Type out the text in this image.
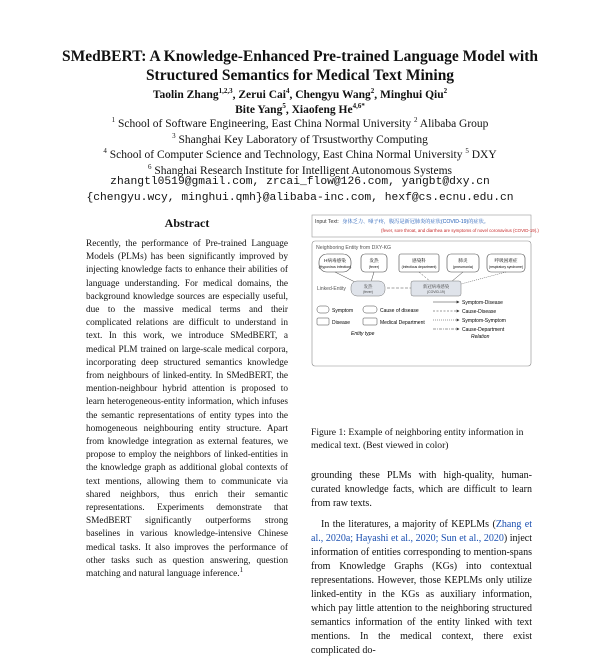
SMedBERT: A Knowledge-Enhanced Pre-trained Language Model with
Structured Semantics for Medical Text Mining
Taolin Zhang$^{1,2,3}$, Zerui Cai$^4$, Chengyu Wang$^2$, Minghui Qiu$^2$
Bite Yang$^5$, Xiaofeng $He^{4,6*}$
$^1$ School of Software Engineering, East China Normal University $^2$ Alibaba Group
$^3$ Shanghai Key Laboratory of Trsustworthy Computing
$^4$ School of Computer Science and Technology, East China Normal University $^5$ DXY
$^6$ Shanghai Research Institute for Intelligent Autonomous Systems
zhangtl0519@gmail.com, zrcai_flow@126.com, yangbt@dxy.cn
{chengyu.wcy, minghui.qmh}@alibaba-inc.com, hexf@cs.ecnu.edu.cn
Abstract
Recently, the performance of Pre-trained Language Models (PLMs) has been significantly improved by injecting knowledge facts to enhance their abilities of language understanding. For medical domains, the background knowledge sources are especially useful, due to the massive medical terms and their complicated relations are difficult to understand in text. In this work, we introduce SMedBERT, a medical PLM trained on large-scale medical corpora, incorporating deep structured semantics knowledge from neighbours of linked-entity. In SMedBERT, the mention-neighbour hybrid attention is proposed to learn heterogeneous-entity information, which infuses the semantic representations of entity types into the homogeneous neighbouring entity structure. Apart from knowledge integration as external features, we propose to employ the neighbors of linked-entities in the knowledge graph as additional global contexts of text mentions, allowing them to communicate via shared neighbors, thus enrich their semantic representations. Experiments demonstrate that SMedBERT significantly outperforms strong baselines in various knowledge-intensive Chinese medical tasks. It also improves the performance of other tasks such as question answering, question matching and natural language inference.$^1$
Input Text: 身体乏力、嗓子疼，腹泻是新冠肺炎的症状(COVID-19)的症状。
(fever, sore throat, and diarrhea are symptoms of novel coronavirus (COVID-19).)
Neighboring Entity from DXY-KG
H病毒感染
(Hypovirus infection)
发热
(fever)
感染科
(Infectious department)
肺炎
(pneumonia)
呼吸困难症
(respiratory syndrome)
Linked-Entity	发热
(fever)
新冠病毒感染
(COVID-19)
Symptom
Disease
Cause of disease
Medical Department
Entity type
Symptom-Disease
Cause-Disease
Symptom-Symptom
Cause-Department
Relation
Figure 1: Example of neighboring entity information in medical text. (Best viewed in color)

grounding these PLMs with high-quality, human-curated knowledge facts, which are difficult to learn from raw texts.

In the literatures, a majority of KEPLMs (Zhang et al., 2020a; Hayashi et al., 2020; Sun et al., 2020) inject information of entities corresponding to mention-spans from Knowledge Graphs (KGs) into contextual representations. However, those KEPLMs only utilize linked-entity in the KGs as auxiliary information, which pay little attention to the neighboring structured semantics information of the entity linked with text mentions. In the medical context, there exist complicated do-
